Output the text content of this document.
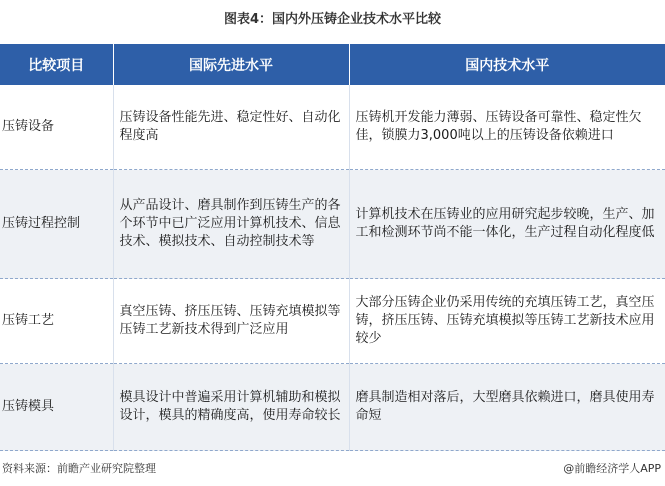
图表4：国内外压铸企业技术水平比较
比较项目	国际先进水平	国内技术水平
压铸设备	压铸设备性能先进、稳定性好、自动化程度高	压铸机开发能力薄弱、压铸设备可靠性、稳定性欠佳，锁膜力3,000吨以上的压铸设备依赖进口
压铸过程控制	从产品设计、磨具制作到压铸生产的各个环节中已广泛应用计算机技术、信息技术、模拟技术、自动控制技术等	计算机技术在压铸业的应用研究起步较晚，生产、加工和检测环节尚不能一体化，生产过程自动化程度低
压铸工艺	真空压铸、挤压压铸、压铸充填模拟等压铸工艺新技术得到广泛应用	大部分压铸企业仍采用传统的充填压铸工艺，真空压铸，挤压压铸、压铸充填模拟等压铸工艺新技术应用较少
压铸模具	模具设计中普遍采用计算机辅助和模拟设计，模具的精确度高，使用寿命较长	磨具制造相对落后，大型磨具依赖进口，磨具使用寿命短
资料来源：前瞻产业研究院整理	@前瞻经济学人APP
